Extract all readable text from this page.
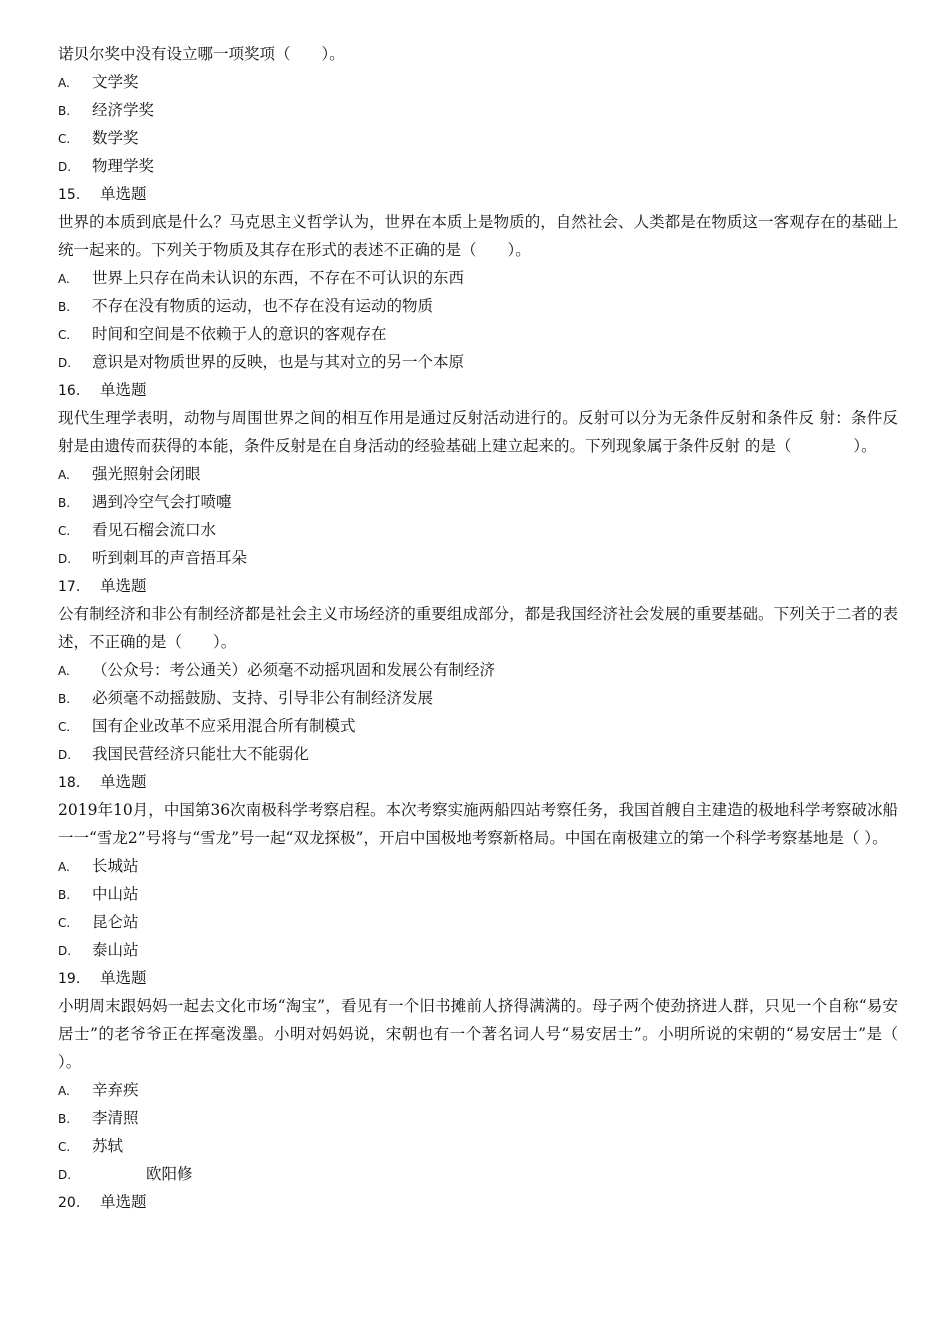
诺贝尔奖中没有设立哪一项奖项（　　）。
A. 文学奖
B. 经济学奖
C. 数学奖
D. 物理学奖
15. 单选题
世界的本质到底是什么？马克思主义哲学认为，世界在本质上是物质的，自然社会、人类都是在物质这一客观存在的基础上统一起来的。下列关于物质及其存在形式的表述不正确的是（　　）。
A. 世界上只存在尚未认识的东西，不存在不可认识的东西
B. 不存在没有物质的运动，也不存在没有运动的物质
C. 时间和空间是不依赖于人的意识的客观存在
D. 意识是对物质世界的反映，也是与其对立的另一个本原
16. 单选题
现代生理学表明，动物与周围世界之间的相互作用是通过反射活动进行的。反射可以分为无条件反射和条件反 射：条件反射是由遗传而获得的本能，条件反射是在自身活动的经验基础上建立起来的。下列现象属于条件反射 的是（　　　　）。
A. 强光照射会闭眼
B. 遇到冷空气会打喷嚏
C. 看见石榴会流口水
D. 听到刺耳的声音捂耳朵
17. 单选题
公有制经济和非公有制经济都是社会主义市场经济的重要组成部分，都是我国经济社会发展的重要基础。下列关于二者的表述，不正确的是（　　）。
A. （公众号：考公通关）必须毫不动摇巩固和发展公有制经济
B. 必须毫不动摇鼓励、支持、引导非公有制经济发展
C. 国有企业改革不应采用混合所有制模式
D. 我国民营经济只能壮大不能弱化
18. 单选题
2019年10月，中国第36次南极科学考察启程。本次考察实施两船四站考察任务，我国首艘自主建造的极地科学考察破冰船一一“雪龙2”号将与“雪龙”号一起“双龙探极”，开启中国极地考察新格局。中国在南极建立的第一个科学考察基地是（ ）。
A. 长城站
B. 中山站
C. 昆仑站
D. 泰山站
19. 单选题
小明周末跟妈妈一起去文化市场“淘宝”，看见有一个旧书摊前人挤得满满的。母子两个使劲挤进人群，只见一个自称“易安居士”的老爷爷正在挥毫泼墨。小明对妈妈说，宋朝也有一个著名词人号“易安居士”。小明所说的宋朝的“易安居士”是（　　　）。
A. 辛弃疾
B. 李清照
C. 苏轼
D.	欧阳修
20. 单选题
